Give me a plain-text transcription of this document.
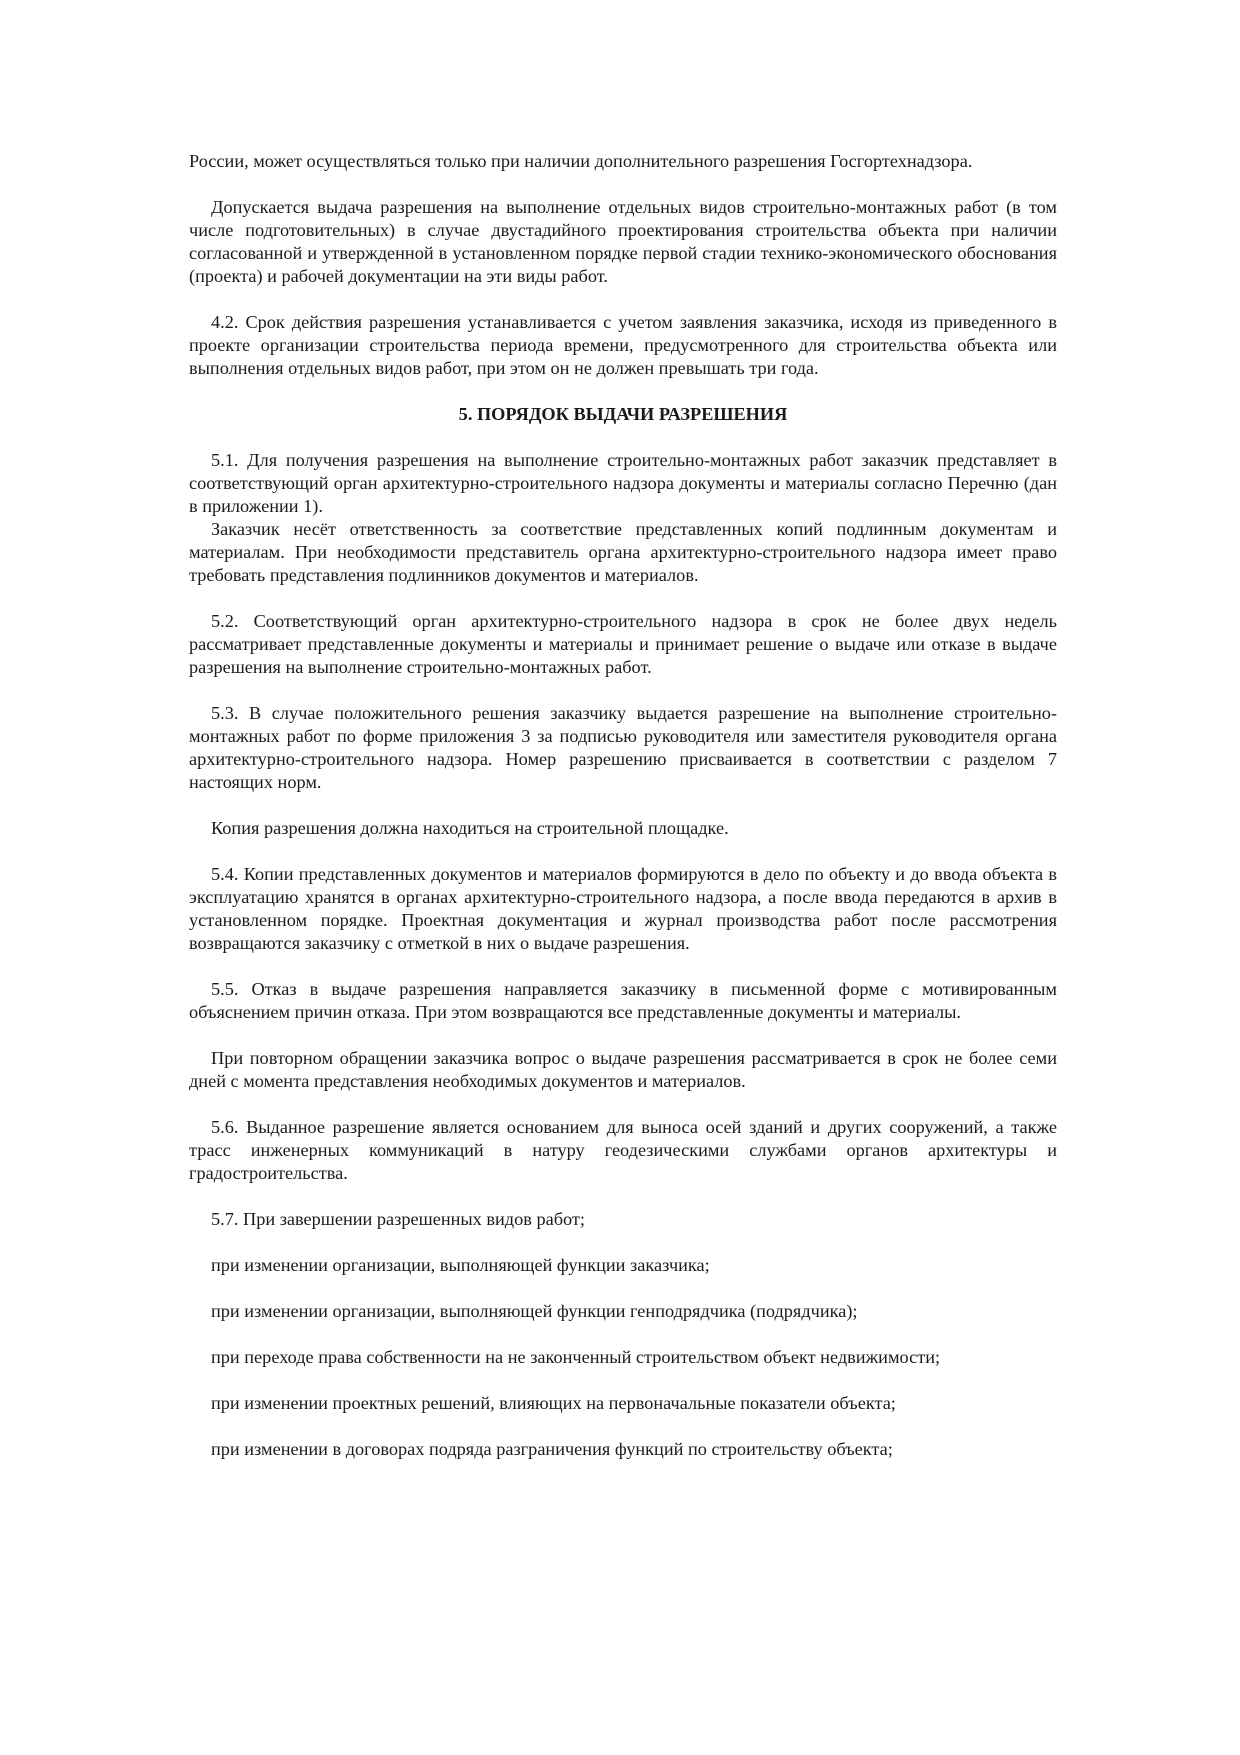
России, может осуществляться только при наличии дополнительного разрешения Госгортехнадзора.

Допускается выдача разрешения на выполнение отдельных видов строительно-монтажных работ (в том числе подготовительных) в случае двустадийного проектирования строительства объекта при наличии согласованной и утвержденной в установленном порядке первой стадии технико-экономического обоснования (проекта) и рабочей документации на эти виды работ.

4.2. Срок действия разрешения устанавливается с учетом заявления заказчика, исходя из приведенного в проекте организации строительства периода времени, предусмотренного для строительства объекта или выполнения отдельных видов работ, при этом он не должен превышать три года.

5. ПОРЯДОК ВЫДАЧИ РАЗРЕШЕНИЯ

5.1. Для получения разрешения на выполнение строительно-монтажных работ заказчик представляет в соответствующий орган архитектурно-строительного надзора документы и материалы согласно Перечню (дан в приложении 1).

Заказчик несёт ответственность за соответствие представленных копий подлинным документам и материалам. При необходимости представитель органа архитектурно-строительного надзора имеет право требовать представления подлинников документов и материалов.

5.2. Соответствующий орган архитектурно-строительного надзора в срок не более двух недель рассматривает представленные документы и материалы и принимает решение о выдаче или отказе в выдаче разрешения на выполнение строительно-монтажных работ.

5.3. В случае положительного решения заказчику выдается разрешение на выполнение строительно-монтажных работ по форме приложения 3 за подписью руководителя или заместителя руководителя органа архитектурно-строительного надзора. Номер разрешению присваивается в соответствии с разделом 7 настоящих норм.

Копия разрешения должна находиться на строительной площадке.

5.4. Копии представленных документов и материалов формируются в дело по объекту и до ввода объекта в эксплуатацию хранятся в органах архитектурно-строительного надзора, а после ввода передаются в архив в установленном порядке. Проектная документация и журнал производства работ после рассмотрения возвращаются заказчику с отметкой в них о выдаче разрешения.

5.5. Отказ в выдаче разрешения направляется заказчику в письменной форме с мотивированным объяснением причин отказа. При этом возвращаются все представленные документы и материалы.

При повторном обращении заказчика вопрос о выдаче разрешения рассматривается в срок не более семи дней с момента представления необходимых документов и материалов.

5.6. Выданное разрешение является основанием для выноса осей зданий и других сооружений, а также трасс инженерных коммуникаций в натуру геодезическими службами органов архитектуры и градостроительства.

5.7. При завершении разрешенных видов работ;

при изменении организации, выполняющей функции заказчика;

при изменении организации, выполняющей функции генподрядчика (подрядчика);

при переходе права собственности на не законченный строительством объект недвижимости;

при изменении проектных решений, влияющих на первоначальные показатели объекта;

при изменении в договорах подряда разграничения функций по строительству объекта;
